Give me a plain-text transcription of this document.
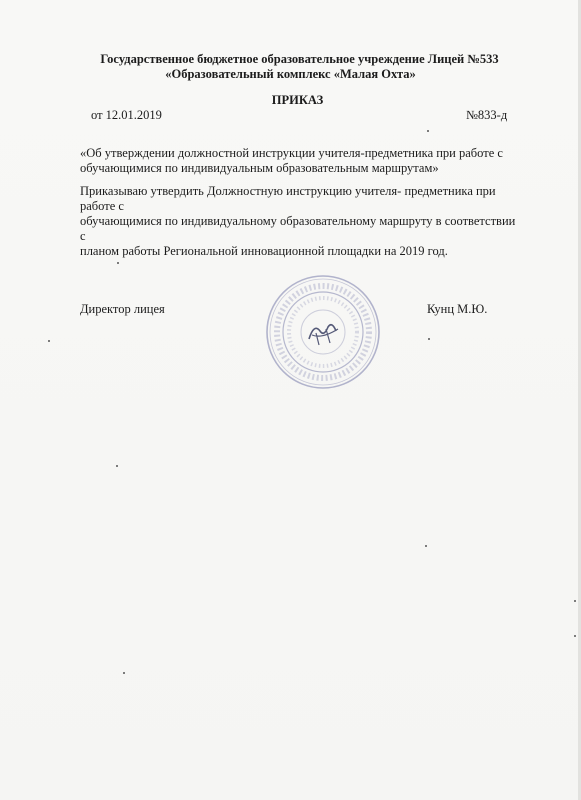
Государственное бюджетное образовательное учреждение Лицей №533
«Образовательный комплекс «Малая Охта»
ПРИКАЗ
от 12.01.2019	№833-д
«Об утверждении должностной инструкции учителя-предметника при работе с
обучающимися по индивидуальным образовательным маршрутам»
Приказываю утвердить Должностную инструкцию учителя- предметника при работе с
обучающимися по индивидуальному образовательному маршруту в соответствии с
планом работы Региональной инновационной площадки на 2019 год.
Директор лицея	Кунц М.Ю.
